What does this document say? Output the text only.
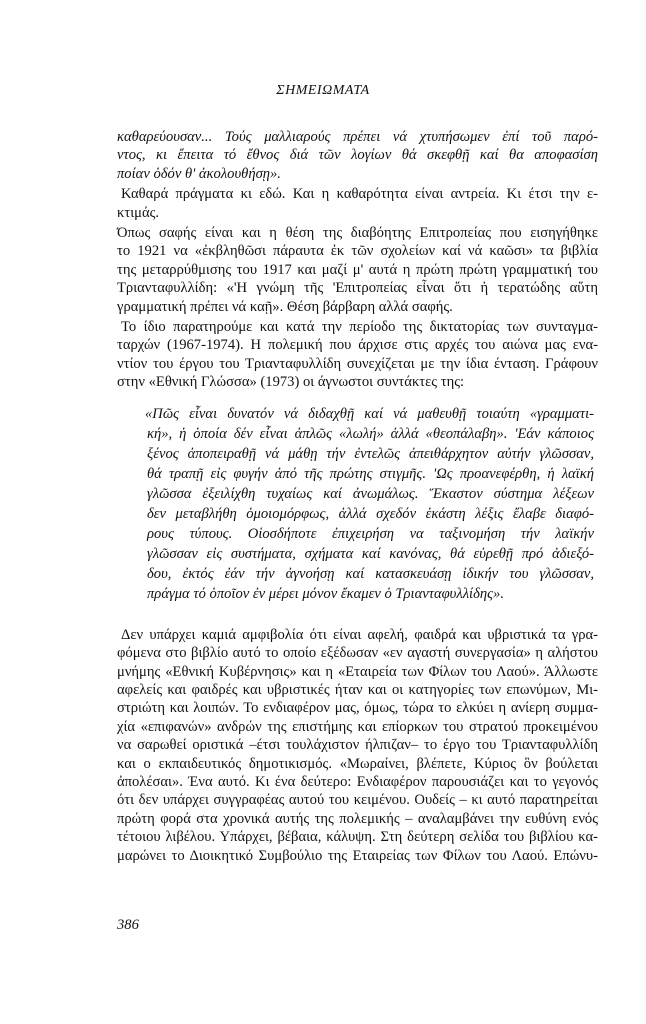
ΣΗΜΕΙΩΜΑΤΑ

καθαρεύουσαν... Τούς μαλλιαρούς πρέπει νά χτυπήσωμεν ἐπί τοῦ παρό-
ντος, κι ἔπειτα τό ἔθνος διά τῶν λογίων θά σκεφθῇ καί θα αποφασίση
ποίαν ὁδόν θ' ἀκολουθήσῃ».

Καθαρά πράγματα κι εδώ. Και η καθαρότητα είναι αντρεία. Κι έτσι την ε-
κτιμάς.

Όπως σαφής είναι και η θέση της διαβόητης Επιτροπείας που εισηγήθηκε
το 1921 να «ἐκβληθῶσι πάραυτα ἐκ τῶν σχολείων καί νά καῶσι» τα βιβλία
της μεταρρύθμισης του 1917 και μαζί μ' αυτά η πρώτη πρώτη γραμματική του
Τριανταφυλλίδη: «'Η γνώμη τῆς 'Επιτροπείας εἶναι ὅτι ἡ τερατώδης αὕτη
γραμματική πρέπει νά καῇ». Θέση βάρβαρη αλλά σαφής.

Το ίδιο παρατηρούμε και κατά την περίοδο της δικτατορίας των συνταγμα-
ταρχών (1967-1974). Η πολεμική που άρχισε στις αρχές του αιώνα μας ενα-
ντίον του έργου του Τριανταφυλλίδη συνεχίζεται με την ίδια ένταση. Γράφουν
στην «Εθνική Γλώσσα» (1973) οι άγνωστοι συντάκτες της:

«Πῶς εἶναι δυνατόν νά διδαχθῇ καί νά μαθευθῇ τοιαύτη «γραμματι-
κή», ἡ ὁποία δέν εἶναι ἁπλῶς «λωλή» ἀλλά «θεοπάλαβη». 'Εάν κάποιος
ξένος ἀποπειραθῇ νά μάθῃ τήν ἐντελῶς ἀπειθάρχητον αὐτήν γλῶσσαν,
θά τραπῇ εἰς φυγήν ἀπό τῆς πρώτης στιγμῆς. 'Ως προανεφέρθη, ἡ λαϊκή
γλῶσσα ἐξειλίχθη τυχαίως καί ἀνωμάλως. Ἕκαστον σύστημα λέξεων
δεν μεταβλήθη ὁμοιομόρφως, ἀλλά σχεδόν ἑκάστη λέξις ἔλαβε διαφό-
ρους τύπους. Οἱοσδήποτε ἐπιχειρήση να ταξινομήση τήν λαϊκήν
γλῶσσαν εἰς συστήματα, σχήματα καί κανόνας, θά εὑρεθῇ πρό ἀδιεξό-
δου, ἐκτός ἐάν τήν ἀγνοήσῃ καί κατασκευάσῃ ἰδικήν του γλῶσσαν,
πράγμα τό ὁποῖον ἐν μέρει μόνον ἔκαμεν ὁ Τριανταφυλλίδης».

Δεν υπάρχει καμιά αμφιβολία ότι είναι αφελή, φαιδρά και υβριστικά τα γρα-
φόμενα στο βιβλίο αυτό το οποίο εξέδωσαν «εν αγαστή συνεργασία» η αλήστου
μνήμης «Εθνική Κυβέρνησις» και η «Εταιρεία των Φίλων του Λαού». Άλλωστε
αφελείς και φαιδρές και υβριστικές ήταν και οι κατηγορίες των επωνύμων, Μι-
στριώτη και λοιπών. Το ενδιαφέρον μας, όμως, τώρα το ελκύει η ανίερη συμμα-
χία «επιφανών» ανδρών της επιστήμης και επίορκων του στρατού προκειμένου
να σαρωθεί οριστικά –έτσι τουλάχιστον ήλπιζαν– το έργο του Τριανταφυλλίδη
και ο εκπαιδευτικός δημοτικισμός. «Μωραίνει, βλέπετε, Κύριος ὃν βούλεται
ἀπολέσαι». Ένα αυτό. Κι ένα δεύτερο: Ενδιαφέρον παρουσιάζει και το γεγονός
ότι δεν υπάρχει συγγραφέας αυτού του κειμένου. Ουδείς – κι αυτό παρατηρείται
πρώτη φορά στα χρονικά αυτής της πολεμικής – αναλαμβάνει την ευθύνη ενός
τέτοιου λιβέλου. Υπάρχει, βέβαια, κάλυψη. Στη δεύτερη σελίδα του βιβλίου κα-
μαρώνει το Διοικητικό Συμβούλιο της Εταιρείας των Φίλων του Λαού. Επώνυ-

386
